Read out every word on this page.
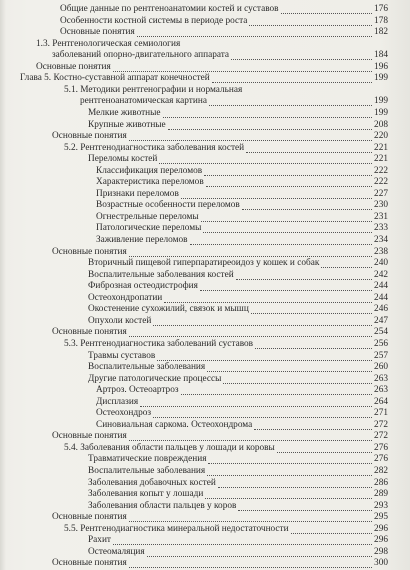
Общие данные по рентгеноанатомии костей и суставов	176
Особенности костной системы в периоде роста	178
Основные понятия	182
1.3. Рентгенологическая семиология
заболеваний опорно-двигательного аппарата	184
Основные понятия	196
Глава 5. Костно-суставной аппарат конечностей	199
5.1. Методики рентгенографии и нормальная
рентгеноанатомическая картина	199
Мелкие животные	199
Крупные животные	208
Основные понятия	220
5.2. Рентгенодиагностика заболевания костей	221
Переломы костей	221
Классификация переломов	222
Характеристика переломов	222
Признаки переломов	227
Возрастные особенности переломов	230
Огнестрельные переломы	231
Патологические переломы	233
Заживление переломов	234
Основные понятия	238
Вторичный пищевой гиперпаратиреоидоз у кошек и собак	240
Воспалительные заболевания костей	242
Фиброзная остеодистрофия	244
Остеохондропатии	244
Окостенение сухожилий, связок и мышц	246
Опухоли костей	247
Основные понятия	254
5.3. Рентгенодиагностика заболеваний суставов	256
Травмы суставов	257
Воспалительные заболевания	260
Другие патологические процессы	263
Артроз. Остеоартроз	263
Дисплазия	264
Остеохондроз	271
Синовиальная саркома. Остеохондрома	272
Основные понятия	272
5.4. Заболевания области пальцев у лошади и коровы	276
Травматические повреждения	276
Воспалительные заболевания	282
Заболевания добавочных костей	286
Заболевания копыт у лошади	289
Заболевания области пальцев у коров	293
Основные понятия	295
5.5. Рентгенодиагностика минеральной недостаточности	296
Рахит	296
Остеомаляция	298
Основные понятия	300
